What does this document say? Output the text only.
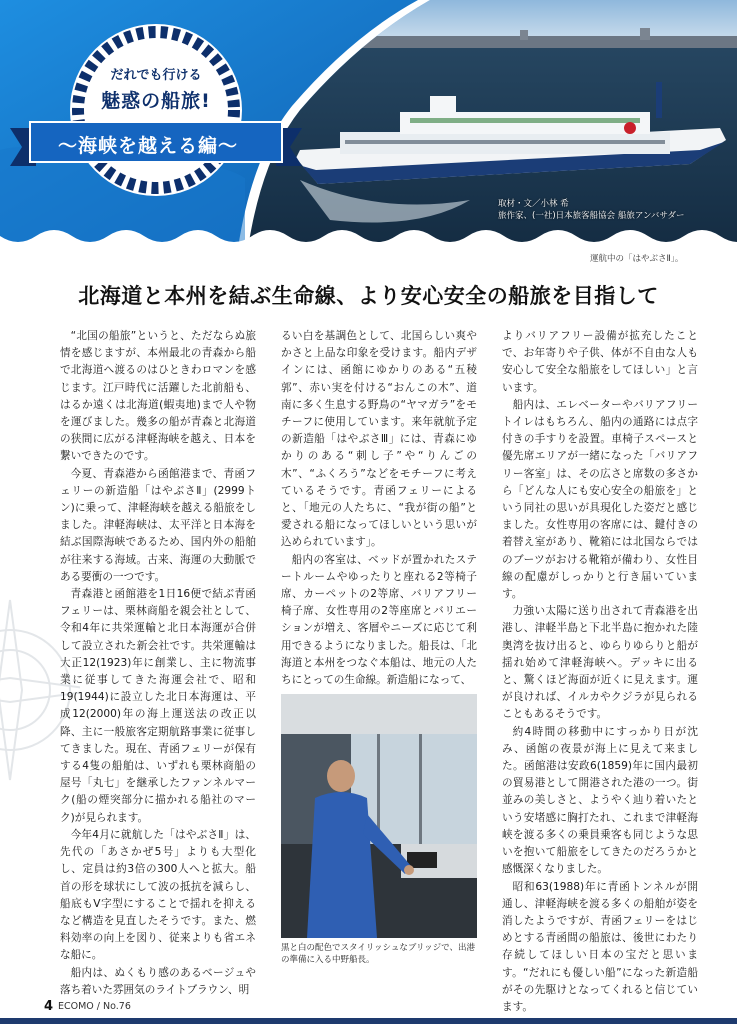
だれでも行ける
魅惑の船旅!
〜海峡を越える編〜
取材・文／小林 希
旅作家、(一社)日本旅客船協会 船旅アンバサダー
運航中の「はやぶさⅡ」。
北海道と本州を結ぶ生命線、より安心安全の船旅を目指して

“北国の船旅”というと、ただならぬ旅情を感じますが、本州最北の青森から船で北海道へ渡るのはひときわロマンを感じます。江戸時代に活躍した北前船も、はるか遠くは北海道(蝦夷地)まで人や物を運びました。幾多の船が青森と北海道の狭間に広がる津軽海峡を越え、日本を繋いできたのです。

今夏、青森港から函館港まで、青函フェリーの新造船「はやぶさⅡ」(2999トン)に乗って、津軽海峡を越える船旅をしました。津軽海峡は、太平洋と日本海を結ぶ国際海峡であるため、国内外の船舶が往来する海域。古来、海運の大動脈である要衝の一つです。

青森港と函館港を1日16便で結ぶ青函フェリーは、栗林商船を親会社として、令和4年に共栄運輸と北日本海運が合併して設立された新会社です。共栄運輸は大正12(1923)年に創業し、主に物流事業に従事してきた海運会社で、昭和19(1944)に設立した北日本海運は、平成12(2000)年の海上運送法の改正以降、主に一般旅客定期航路事業に従事してきました。現在、青函フェリーが保有する4隻の船舶は、いずれも栗林商船の屋号「丸七」を継承したファンネルマーク(船の煙突部分に描かれる船社のマーク)が見られます。

今年4月に就航した「はやぶさⅡ」は、先代の「あさかぜ5号」よりも大型化し、定員は約3倍の300人へと拡大。船首の形を球状にして波の抵抗を減らし、船底もV字型にすることで揺れを抑えるなど構造を見直したそうです。また、燃料効率の向上を図り、従来よりも省エネな船に。

船内は、ぬくもり感のあるベージュや落ち着いた雰囲気のライトブラウン、明

るい白を基調色として、北国らしい爽やかさと上品な印象を受けます。船内デザインには、函館にゆかりのある“五稜郭”、赤い実を付ける“おんこの木”、道南に多く生息する野鳥の“ヤマガラ”をモチーフに使用しています。来年就航予定の新造船「はやぶさⅢ」には、青森にゆかりのある“刺し子”や“りんごの木”、“ふくろう”などをモチーフに考えているそうです。青函フェリーによると、「地元の人たちに、“我が街の船”と愛される船になってほしいという思いが込められています」。

船内の客室は、ベッドが置かれたステートルームやゆったりと座れる2等椅子席、カーペットの2等席、バリアフリー椅子席、女性専用の2等座席とバリエーションが増え、客層やニーズに応じて利用できるようになりました。船長は、「北海道と本州をつなぐ本船は、地元の人たちにとっての生命線。新造船になって、

よりバリアフリー設備が拡充したことで、お年寄りや子供、体が不自由な人も安心して安全な船旅をしてほしい」と言います。

船内は、エレベーターやバリアフリートイレはもちろん、船内の通路には点字付きの手すりを設置。車椅子スペースと優先席エリアが一緒になった「バリアフリー客室」は、その広さと席数の多さから「どんな人にも安心安全の船旅を」という同社の思いが具現化した姿だと感じました。女性専用の客席には、鍵付きの着替え室があり、靴箱には北国ならではのブーツがおける靴箱が備わり、女性目線の配慮がしっかりと行き届いています。

力強い太陽に送り出されて青森港を出港し、津軽半島と下北半島に抱かれた陸奥湾を抜け出ると、ゆらりゆらりと船が揺れ始めて津軽海峡へ。デッキに出ると、驚くほど海面が近くに見えます。運が良ければ、イルカやクジラが見られることもあるそうです。

約4時間の移動中にすっかり日が沈み、函館の夜景が海上に見えて来ました。函館港は安政6(1859)年に国内最初の貿易港として開港された港の一つ。街並みの美しさと、ようやく辿り着いたという安堵感に胸打たれ、これまで津軽海峡を渡る多くの乗員乗客も同じような思いを抱いて船旅をしてきたのだろうかと感慨深くなりました。

昭和63(1988)年に青函トンネルが開通し、津軽海峡を渡る多くの船舶が姿を消したようですが、青函フェリーをはじめとする青函間の船旅は、後世にわたり存続してほしい日本の宝だと思います。“だれにも優しい船”になった新造船がその先駆けとなってくれると信じています。

黒と白の配色でスタイリッシュなブリッジで、出港の準備に入る中野船長。
4 ECOMO / No.76
